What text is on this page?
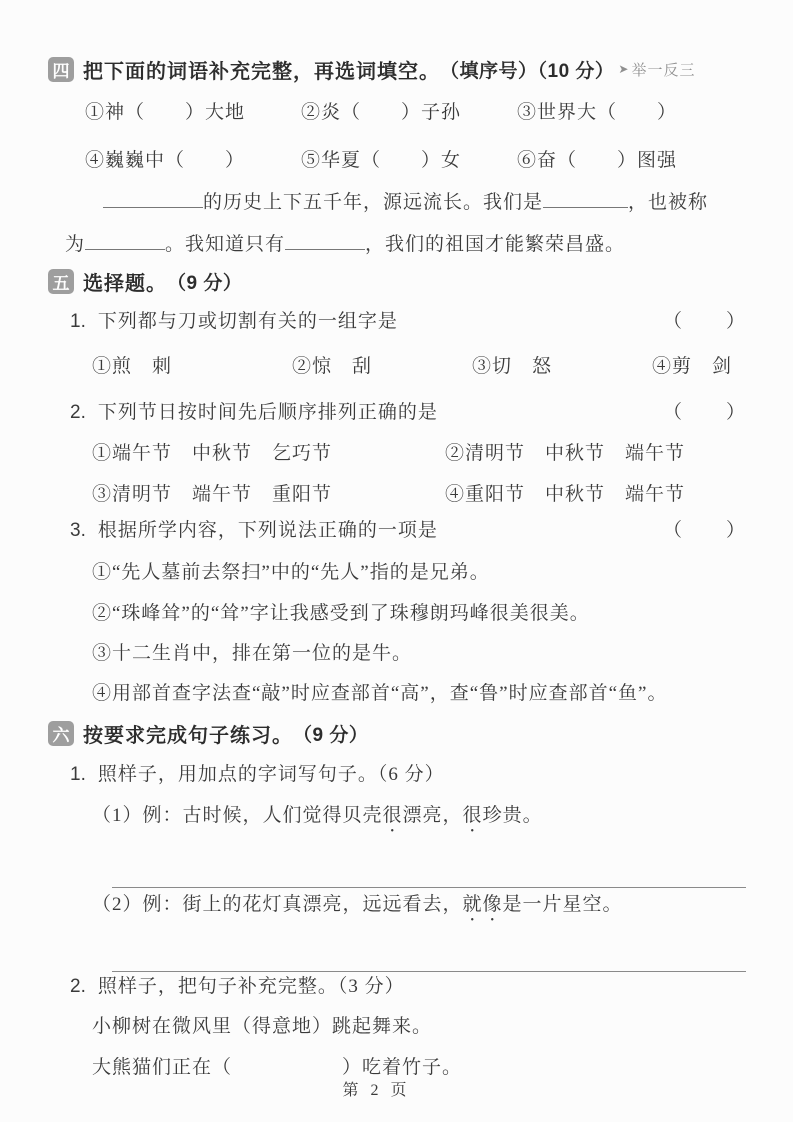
四 把下面的词语补充完整，再选词填空。 （填序号）（10 分） ➤ 举一反三
①神（　　）大地	②炎（　　）子孙	③世界大（　　）
④巍巍中（　　）	⑤华夏（　　）女	⑥奋（　　）图强
的历史上下五千年，源远流长。我们是	，也被称
为	。我知道只有	，我们的祖国才能繁荣昌盛。
五 选择题。 （9 分）
1. 下列都与刀或切割有关的一组字是	（　　）
①煎　刺	②惊　刮	③切　怒	④剪　剑
2. 下列节日按时间先后顺序排列正确的是	（　　）
①端午节　中秋节　乞巧节	②清明节　中秋节　端午节
③清明节　端午节　重阳节	④重阳节　中秋节　端午节
3. 根据所学内容，下列说法正确的一项是	（　　）
①“先人墓前去祭扫”中的“先人”指的是兄弟。
②“珠峰耸”的“耸”字让我感受到了珠穆朗玛峰很美很美。
③十二生肖中，排在第一位的是牛。
④用部首查字法查“敲”时应查部首“高”，查“鲁”时应查部首“鱼”。
六 按要求完成句子练习。 （9 分）
1. 照样子，用加点的字词写句子。（6 分）
（1）例：古时候，人们觉得贝壳很漂亮，很珍贵。
（2）例：街上的花灯真漂亮，远远看去，就像是一片星空。
2. 照样子，把句子补充完整。（3 分）
小柳树在微风里（得意地）跳起舞来。
大熊猫们正在（	）吃着竹子。
第 2 页
